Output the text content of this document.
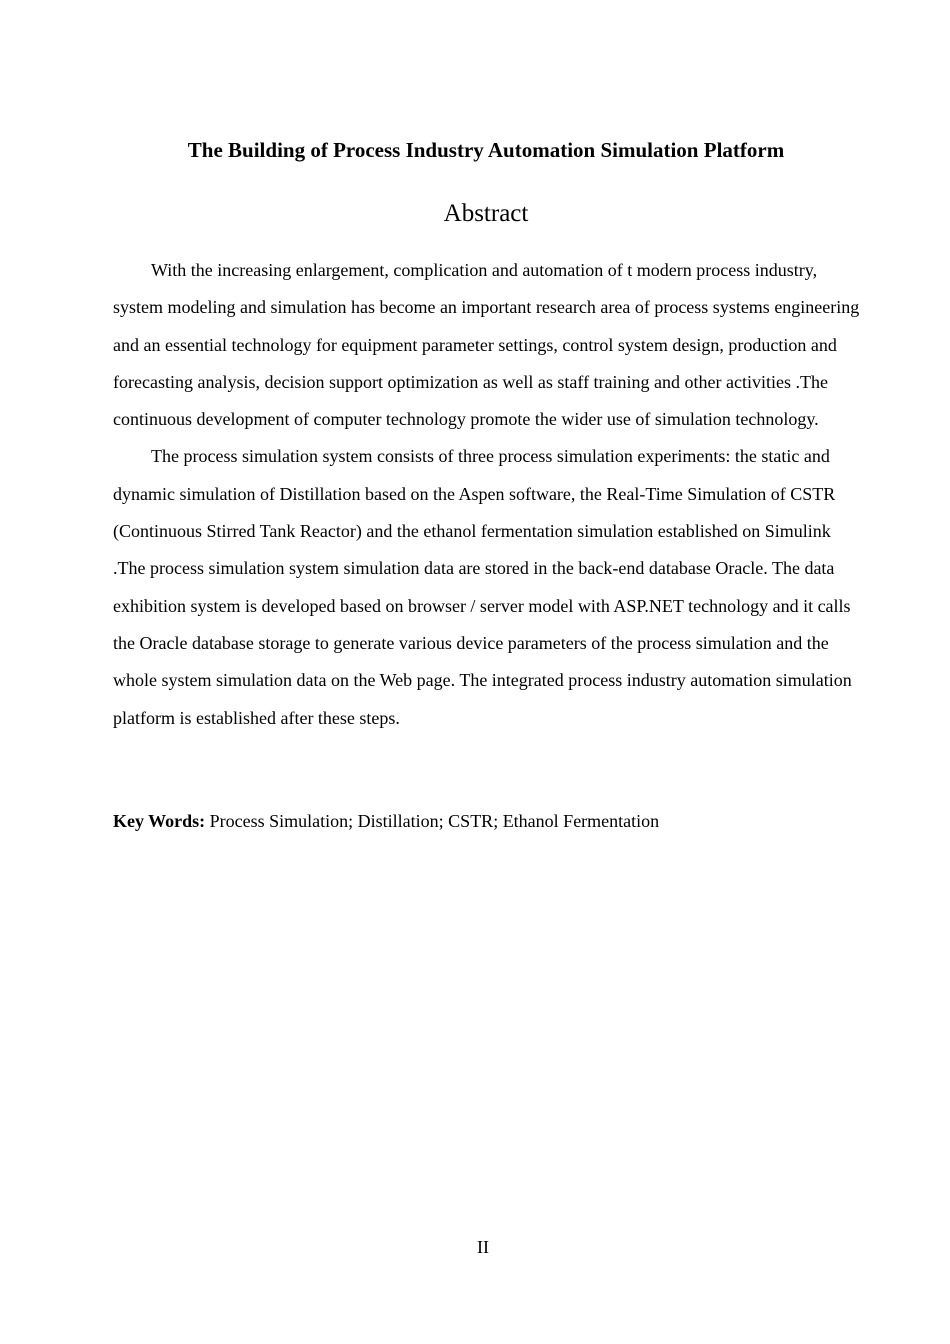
The Building of Process Industry Automation Simulation Platform
Abstract

With the increasing enlargement, complication and automation of t modern process industry, system modeling and simulation has become an important research area of process systems engineering and an essential technology for equipment parameter settings, control system design, production and forecasting analysis, decision support optimization as well as staff training and other activities .The continuous development of computer technology promote the wider use of simulation technology.

The process simulation system consists of three process simulation experiments: the static and dynamic simulation of Distillation based on the Aspen software, the Real-Time Simulation of CSTR (Continuous Stirred Tank Reactor) and the ethanol fermentation simulation established on Simulink .The process simulation system simulation data are stored in the back-end database Oracle. The data exhibition system is developed based on browser / server model with ASP.NET technology and it calls the Oracle database storage to generate various device parameters of the process simulation and the whole system simulation data on the Web page. The integrated process industry automation simulation platform is established after these steps.

Key Words: Process Simulation; Distillation; CSTR; Ethanol Fermentation
II
